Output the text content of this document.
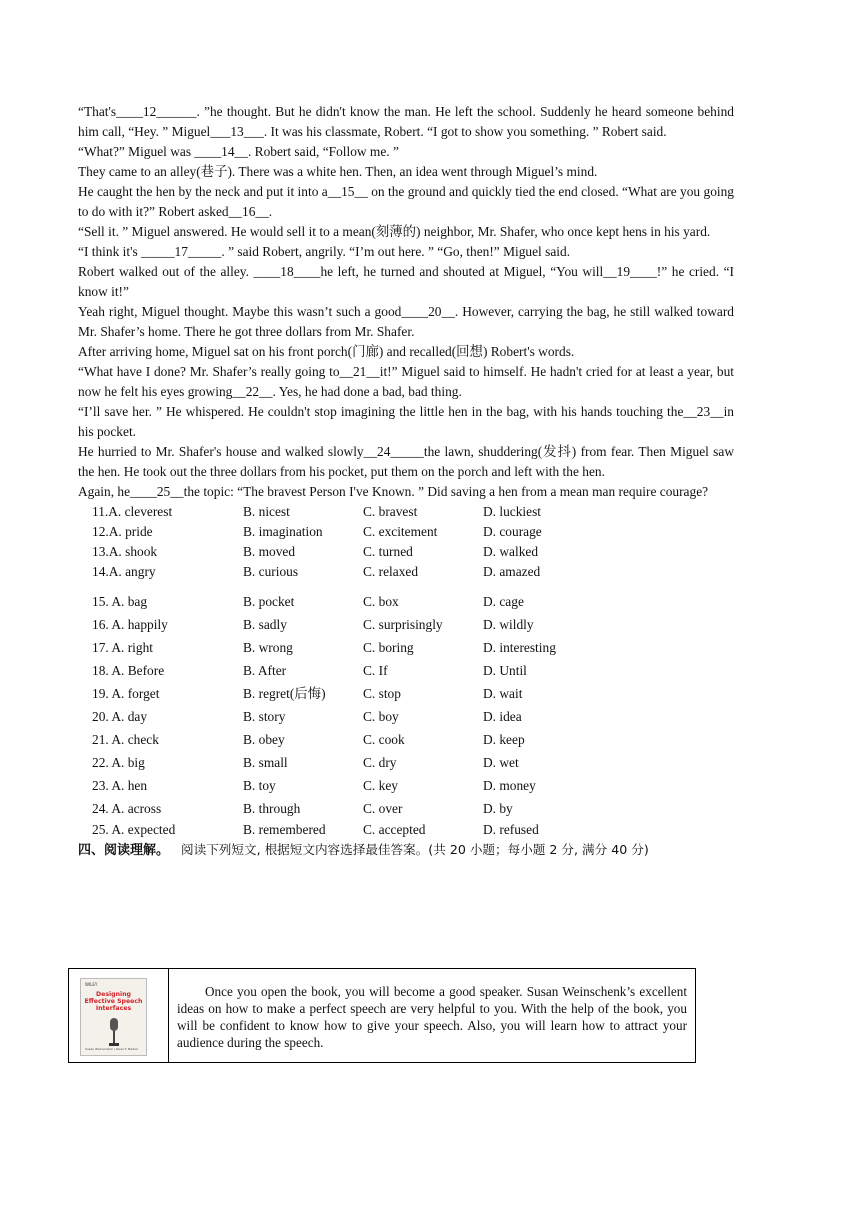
“That's____12______. ”he thought. But he didn't know the man. He left the school. Suddenly he heard someone behind him call, “Hey. ” Miguel___13___. It was his classmate, Robert. “I got to show you something. ” Robert said.

“What?” Miguel was ____14__. Robert said, “Follow me. ”

They came to an alley(巷子). There was a white hen. Then, an idea went through Miguel’s mind.

He caught the hen by the neck and put it into a__15__ on the ground and quickly tied the end closed. “What are you going to do with it?” Robert asked__16__.

“Sell it. ” Miguel answered. He would sell it to a mean(刻薄的) neighbor, Mr. Shafer, who once kept hens in his yard.

“I think it's _____17_____. ” said Robert, angrily. “I’m out here. ” “Go, then!” Miguel said.

Robert walked out of the alley. ____18____he left, he turned and shouted at Miguel, “You will__19____!” he cried. “I know it!”

Yeah right, Miguel thought. Maybe this wasn’t such a good____20__. However, carrying the bag, he still walked toward Mr. Shafer’s home. There he got three dollars from Mr. Shafer.

After arriving home, Miguel sat on his front porch(门廊) and recalled(回想) Robert's words.

“What have I done? Mr. Shafer’s really going to__21__it!” Miguel said to himself. He hadn't cried for at least a year, but now he felt his eyes growing__22__. Yes, he had done a bad, bad thing.

“I’ll save her. ” He whispered. He couldn't stop imagining the little hen in the bag, with his hands touching the__23__in his pocket.

He hurried to Mr. Shafer's house and walked slowly__24_____the lawn, shuddering(发抖) from fear. Then Miguel saw the hen. He took out the three dollars from his pocket, put them on the porch and left with the hen.

Again, he____25__the topic: “The bravest Person I've Known. ” Did saving a hen from a mean man require courage?

11.A. cleverest	B. nicest	C. bravest	D. luckiest
12.A. pride	B. imagination	C. excitement	D. courage
13.A. shook	B. moved	C. turned	D. walked
14.A. angry	B. curious	C. relaxed	D. amazed
15. A. bag	B. pocket	C. box	D. cage
16. A. happily	B. sadly	C. surprisingly	D. wildly
17. A. right	B. wrong	C. boring	D. interesting
18. A. Before	B. After	C. If	D. Until
19. A. forget	B. regret(后悔)	C. stop	D. wait
20. A. day	B. story	C. boy	D. idea
21. A. check	B. obey	C. cook	D. keep
22. A. big	B. small	C. dry	D. wet
23. A. hen	B. toy	C. key	D. money
24. A. across	B. through	C. over	D. by
25. A. expected	B. remembered	C. accepted	D. refused

四、阅读理解。 阅读下列短文, 根据短文内容选择最佳答案。(共 20 小题；每小题 2 分, 满分 40 分)

WILEY
Designing Effective Speech Interfaces
Susan Weinschenk / Dean T. Barker
Once you open the book, you will become a good speaker. Susan Weinschenk’s excellent ideas on how to make a perfect speech are very helpful to you. With the help of the book, you will be confident to know how to give your speech. Also, you will learn how to attract your audience during the speech.
